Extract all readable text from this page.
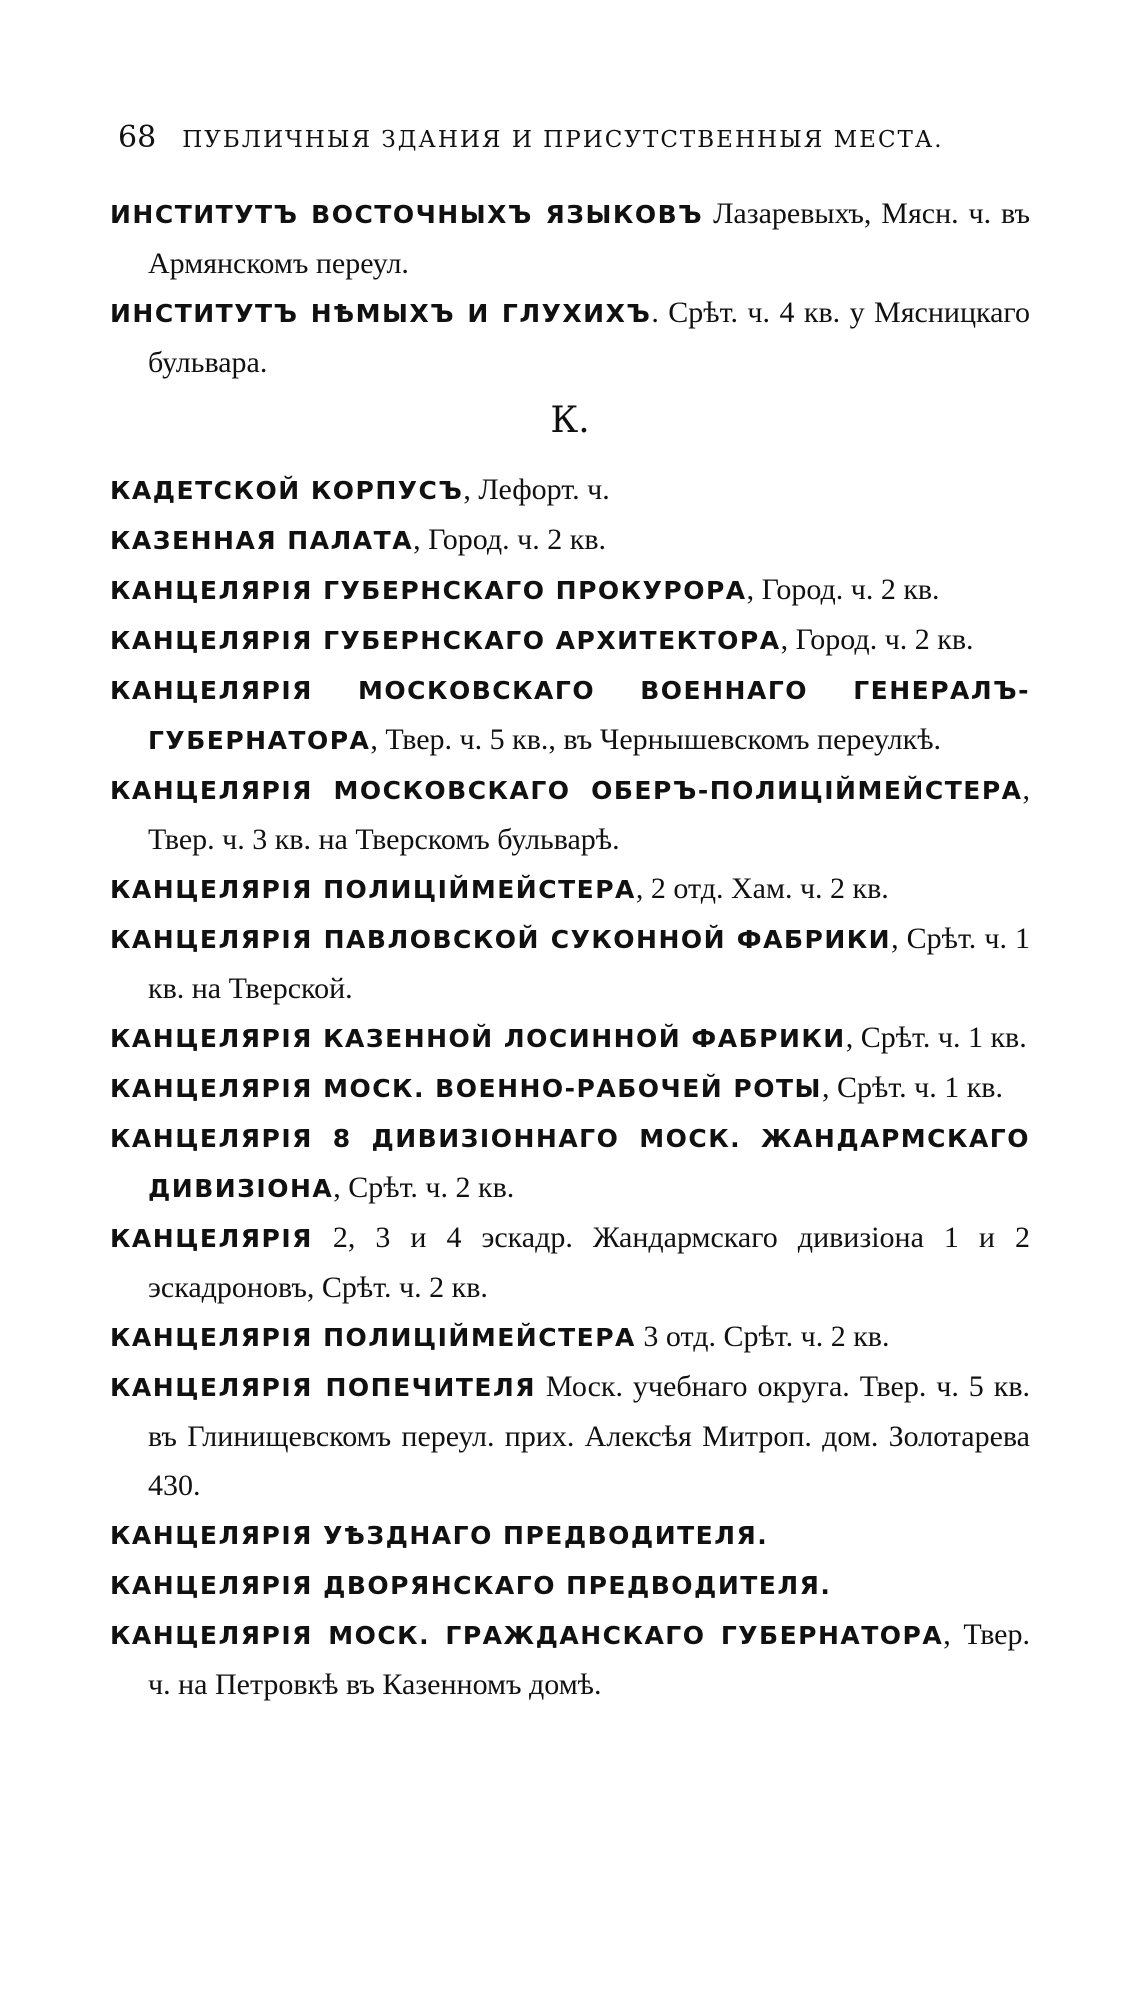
68 ПУБЛИЧНЫЯ ЗДАНИЯ И ПРИСУТСТВЕННЫЯ МЕСТА.

ИНСТИТУТЪ ВОСТОЧНЫХЪ ЯЗЫКОВЪ Лазаревыхъ, Мясн. ч. въ Армянскомъ переул.

ИНСТИТУТЪ НѢМЫХЪ И ГЛУХИХЪ. Срѣт. ч. 4 кв. у Мясницкаго бульвара.

К.

КАДЕТСКОЙ КОРПУСЪ, Лефорт. ч.

КАЗЕННАЯ ПАЛАТА, Город. ч. 2 кв.

КАНЦЕЛЯРІЯ ГУБЕРНСКАГО ПРОКУРОРА, Город. ч. 2 кв.

КАНЦЕЛЯРІЯ ГУБЕРНСКАГО АРХИТЕКТОРА, Город. ч. 2 кв.

КАНЦЕЛЯРІЯ МОСКОВСКАГО ВОЕННАГО ГЕНЕРАЛЪ-ГУБЕРНАТОРА, Твер. ч. 5 кв., въ Чернышевскомъ переулкѣ.

КАНЦЕЛЯРІЯ МОСКОВСКАГО ОБЕРЪ-ПОЛИЦIЙМЕЙСТЕРА, Твер. ч. 3 кв. на Тверскомъ бульварѣ.

КАНЦЕЛЯРІЯ ПОЛИЦIЙМЕЙСТЕРА, 2 отд. Хам. ч. 2 кв.

КАНЦЕЛЯРІЯ ПАВЛОВСКОЙ СУКОННОЙ ФАБРИКИ, Срѣт. ч. 1 кв. на Тверской.

КАНЦЕЛЯРІЯ КАЗЕННОЙ ЛОСИННОЙ ФАБРИКИ, Срѣт. ч. 1 кв.

КАНЦЕЛЯРІЯ МОСК. ВОЕННО-РАБОЧЕЙ РОТЫ, Срѣт. ч. 1 кв.

КАНЦЕЛЯРІЯ 8 ДИВИЗІОННАГО МОСК. ЖАНДАРМСКАГО ДИВИЗІОНА, Срѣт. ч. 2 кв.

КАНЦЕЛЯРІЯ 2, 3 и 4 эскадр. Жандармскаго дивизіона 1 и 2 эскадроновъ, Срѣт. ч. 2 кв.

КАНЦЕЛЯРІЯ ПОЛИЦIЙМЕЙСТЕРА 3 отд. Срѣт. ч. 2 кв.

КАНЦЕЛЯРІЯ ПОПЕЧИТЕЛЯ Моск. учебнаго округа. Твер. ч. 5 кв. въ Глинищевскомъ переул. прих. Алексѣя Митроп. дом. Золотарева 430.

КАНЦЕЛЯРІЯ УѢЗДНАГО ПРЕДВОДИТЕЛЯ.

КАНЦЕЛЯРІЯ ДВОРЯНСКАГО ПРЕДВОДИТЕЛЯ.

КАНЦЕЛЯРІЯ МОСК. ГРАЖДАНСКАГО ГУБЕРНАТОРА, Твер. ч. на Петровкѣ въ Казенномъ домѣ.
